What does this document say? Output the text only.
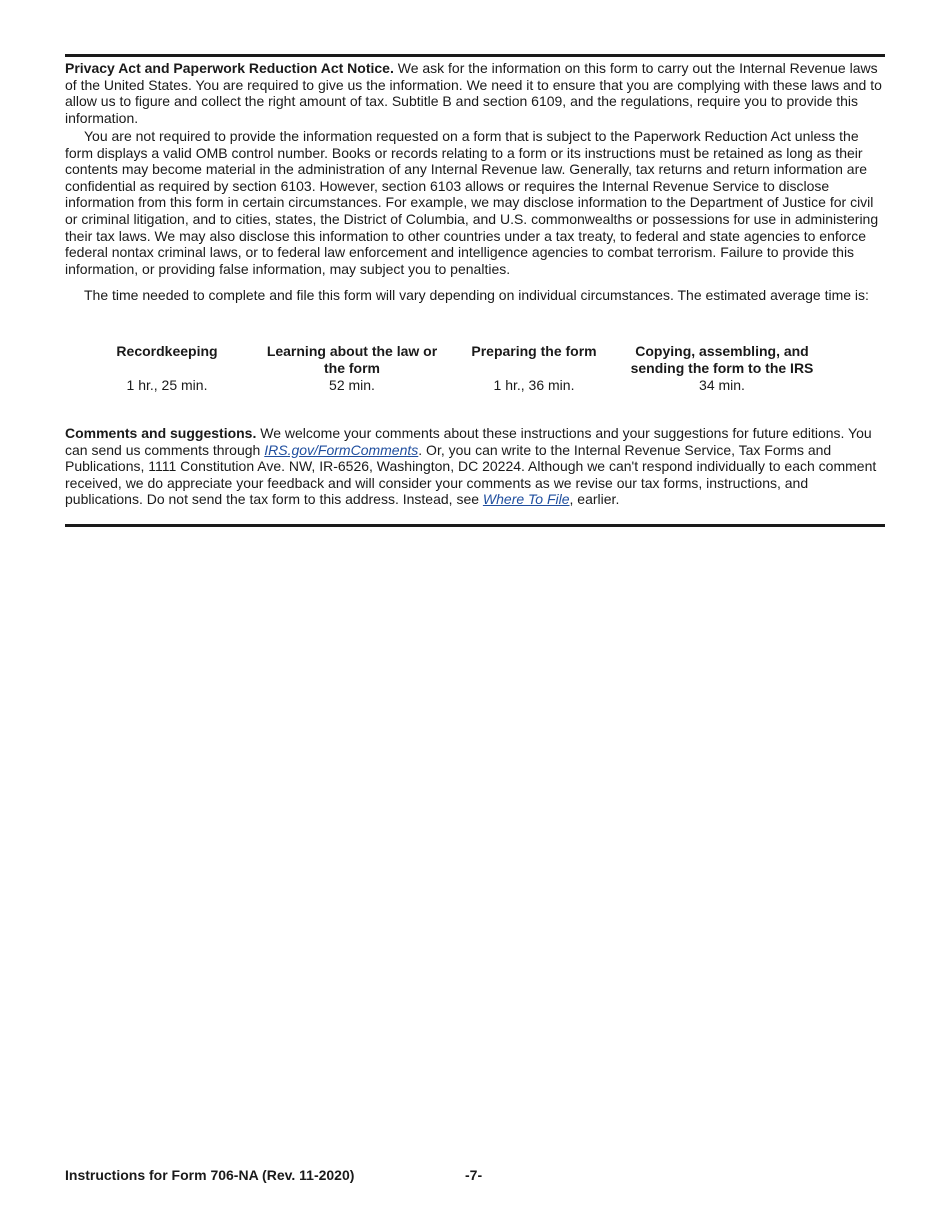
Privacy Act and Paperwork Reduction Act Notice. We ask for the information on this form to carry out the Internal Revenue laws of the United States. You are required to give us the information. We need it to ensure that you are complying with these laws and to allow us to figure and collect the right amount of tax. Subtitle B and section 6109, and the regulations, require you to provide this information.

You are not required to provide the information requested on a form that is subject to the Paperwork Reduction Act unless the form displays a valid OMB control number. Books or records relating to a form or its instructions must be retained as long as their contents may become material in the administration of any Internal Revenue law. Generally, tax returns and return information are confidential as required by section 6103. However, section 6103 allows or requires the Internal Revenue Service to disclose information from this form in certain circumstances. For example, we may disclose information to the Department of Justice for civil or criminal litigation, and to cities, states, the District of Columbia, and U.S. commonwealths or possessions for use in administering their tax laws. We may also disclose this information to other countries under a tax treaty, to federal and state agencies to enforce federal nontax criminal laws, or to federal law enforcement and intelligence agencies to combat terrorism. Failure to provide this information, or providing false information, may subject you to penalties.

The time needed to complete and file this form will vary depending on individual circumstances. The estimated average time is:

Recordkeeping
1 hr., 25 min.
Learning about the law or the form
52 min.
Preparing the form
1 hr., 36 min.
Copying, assembling, and sending the form to the IRS
34 min.

Comments and suggestions. We welcome your comments about these instructions and your suggestions for future editions. You can send us comments through IRS.gov/FormComments. Or, you can write to the Internal Revenue Service, Tax Forms and Publications, 1111 Constitution Ave. NW, IR-6526, Washington, DC 20224. Although we can't respond individually to each comment received, we do appreciate your feedback and will consider your comments as we revise our tax forms, instructions, and publications. Do not send the tax form to this address. Instead, see Where To File, earlier.

Instructions for Form 706-NA (Rev. 11-2020)	-7-
